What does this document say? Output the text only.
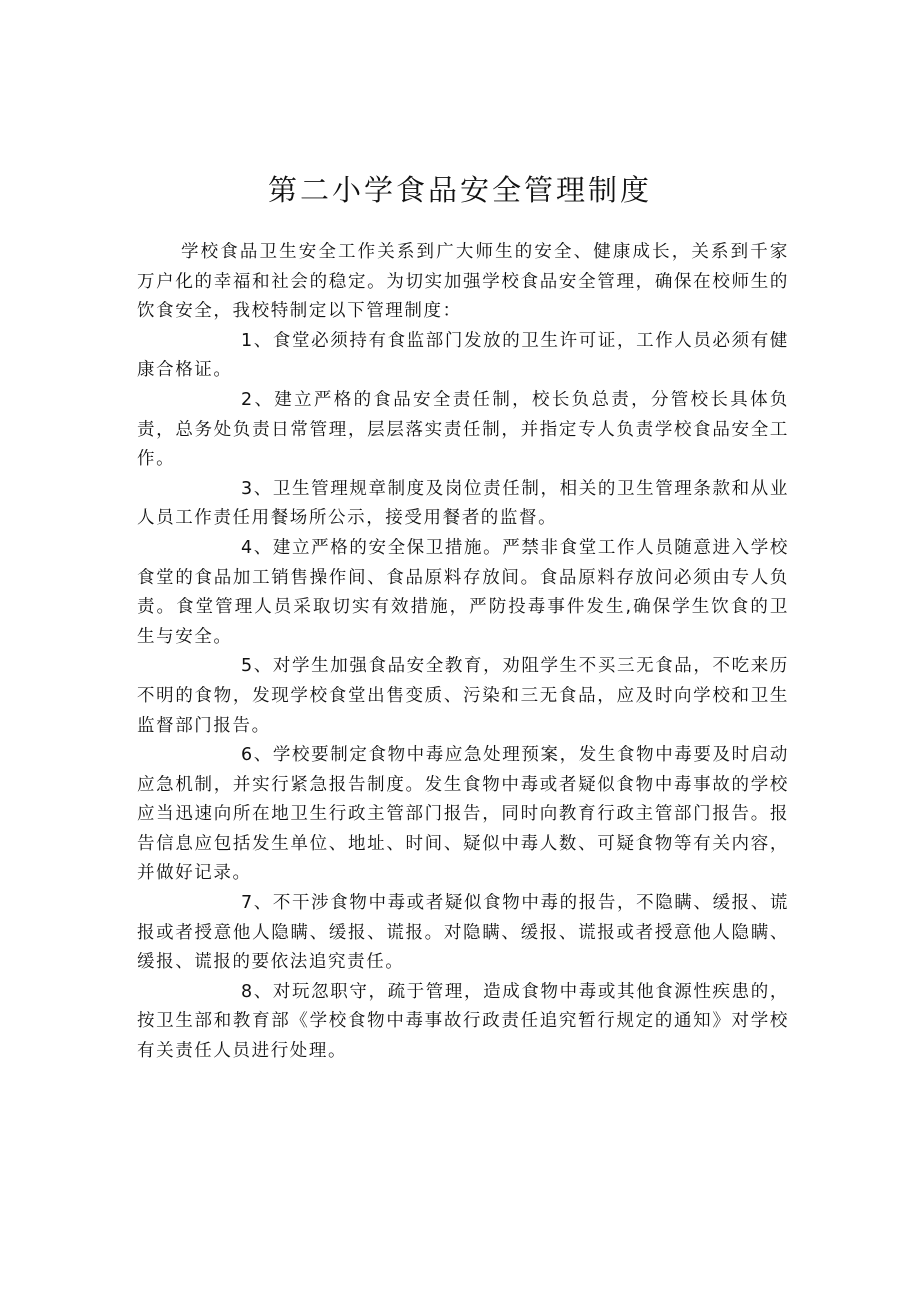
第二小学食品安全管理制度

学校食品卫生安全工作关系到广大师生的安全、健康成长，关系到千家万户化的幸福和社会的稳定。为切实加强学校食品安全管理，确保在校师生的饮食安全，我校特制定以下管理制度：

1、食堂必须持有食监部门发放的卫生许可证，工作人员必须有健康合格证。

2、建立严格的食品安全责任制，校长负总责，分管校长具体负责，总务处负责日常管理，层层落实责任制，并指定专人负责学校食品安全工作。

3、卫生管理规章制度及岗位责任制，相关的卫生管理条款和从业人员工作责任用餐场所公示，接受用餐者的监督。

4、建立严格的安全保卫措施。严禁非食堂工作人员随意进入学校食堂的食品加工销售操作间、食品原料存放间。食品原料存放问必须由专人负责。食堂管理人员采取切实有效措施，严防投毒事件发生,确保学生饮食的卫生与安全。

5、对学生加强食品安全教育，劝阻学生不买三无食品，不吃来历不明的食物，发现学校食堂出售变质、污染和三无食品，应及时向学校和卫生监督部门报告。

6、学校要制定食物中毒应急处理预案，发生食物中毒要及时启动应急机制，并实行紧急报告制度。发生食物中毒或者疑似食物中毒事故的学校应当迅速向所在地卫生行政主管部门报告，同时向教育行政主管部门报告。报告信息应包括发生单位、地址、时间、疑似中毒人数、可疑食物等有关内容，并做好记录。

7、不干涉食物中毒或者疑似食物中毒的报告，不隐瞒、缓报、谎报或者授意他人隐瞒、缓报、谎报。对隐瞒、缓报、谎报或者授意他人隐瞒、缓报、谎报的要依法追究责任。

8、对玩忽职守，疏于管理，造成食物中毒或其他食源性疾患的，按卫生部和教育部《学校食物中毒事故行政责任追究暂行规定的通知》对学校有关责任人员进行处理。
